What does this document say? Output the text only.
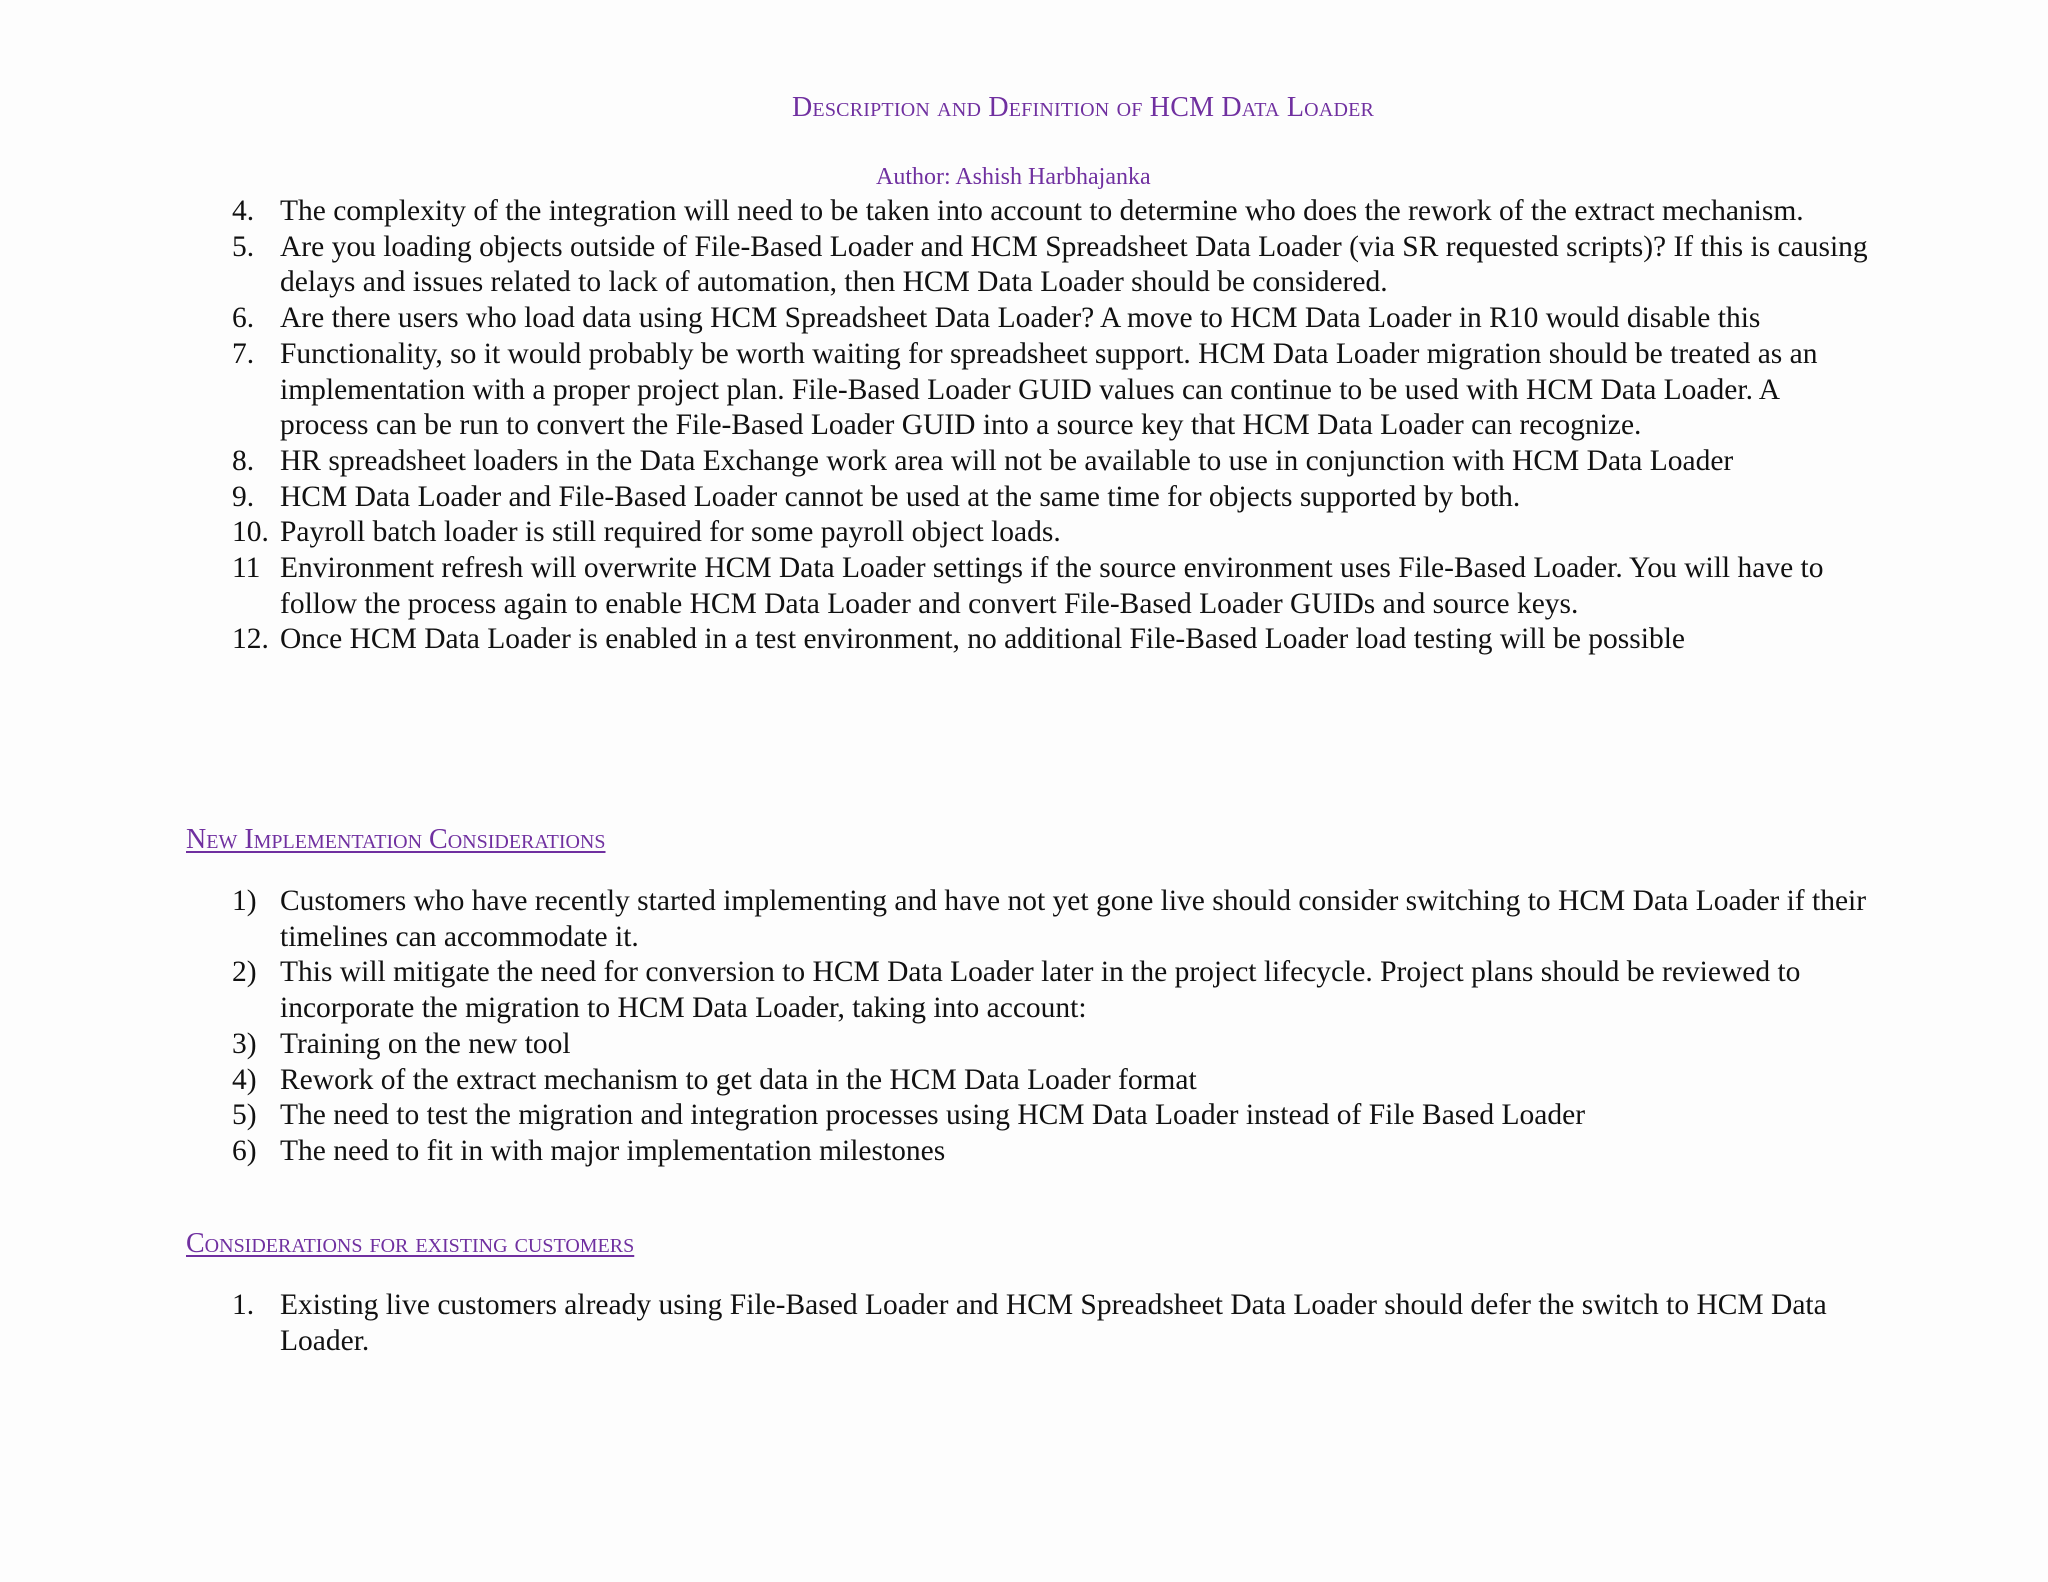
Description and Definition of HCM Data Loader
Author: Ashish Harbhajanka
4. The complexity of the integration will need to be taken into account to determine who does the rework of the extract mechanism.
5. Are you loading objects outside of File-Based Loader and HCM Spreadsheet Data Loader (via SR requested scripts)? If this is causing delays and issues related to lack of automation, then HCM Data Loader should be considered.
6. Are there users who load data using HCM Spreadsheet Data Loader? A move to HCM Data Loader in R10 would disable this
7. Functionality, so it would probably be worth waiting for spreadsheet support. HCM Data Loader migration should be treated as an implementation with a proper project plan. File-Based Loader GUID values can continue to be used with HCM Data Loader. A process can be run to convert the File-Based Loader GUID into a source key that HCM Data Loader can recognize.
8. HR spreadsheet loaders in the Data Exchange work area will not be available to use in conjunction with HCM Data Loader
9. HCM Data Loader and File-Based Loader cannot be used at the same time for objects supported by both.
10. Payroll batch loader is still required for some payroll object loads.
11 Environment refresh will overwrite HCM Data Loader settings if the source environment uses File-Based Loader. You will have to follow the process again to enable HCM Data Loader and convert File-Based Loader GUIDs and source keys.
12. Once HCM Data Loader is enabled in a test environment, no additional File-Based Loader load testing will be possible
New Implementation Considerations
1) Customers who have recently started implementing and have not yet gone live should consider switching to HCM Data Loader if their timelines can accommodate it.
2) This will mitigate the need for conversion to HCM Data Loader later in the project lifecycle. Project plans should be reviewed to incorporate the migration to HCM Data Loader, taking into account:
3) Training on the new tool
4) Rework of the extract mechanism to get data in the HCM Data Loader format
5) The need to test the migration and integration processes using HCM Data Loader instead of File Based Loader
6) The need to fit in with major implementation milestones
Considerations for existing customers
1. Existing live customers already using File-Based Loader and HCM Spreadsheet Data Loader should defer the switch to HCM Data Loader.
